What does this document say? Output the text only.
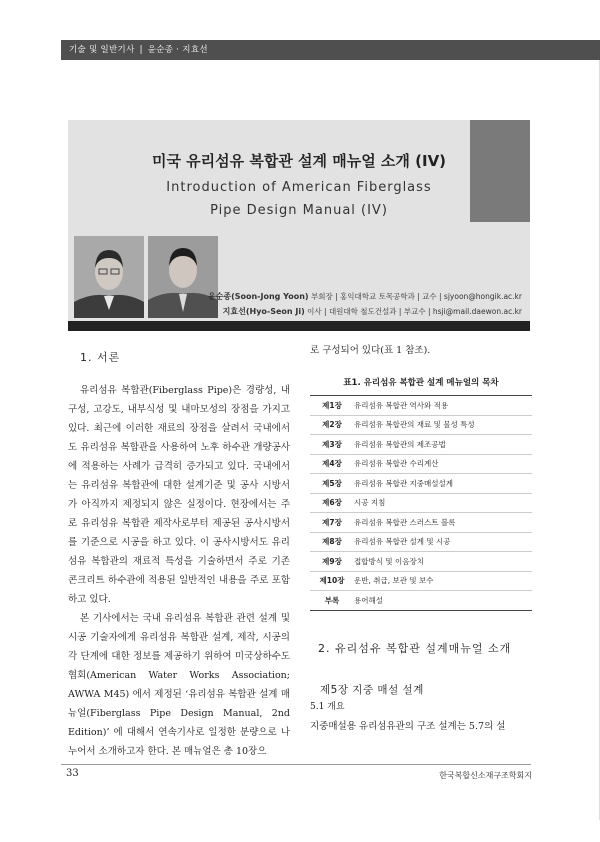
기술 및 일반기사 | 윤순종 · 지효선
미국 유리섬유 복합관 설계 매뉴얼 소개 (IV)
Introduction of American Fiberglass
Pipe Design Manual (IV)
윤순종(Soon-Jong Yoon) 부회장 | 홍익대학교 토목공학과 | 교수 | sjyoon@hongik.ac.kr
지효선(Hyo-Seon Ji) 이사 | 대원대학 철도건설과 | 부교수 | hsji@mail.daewon.ac.kr
1. 서론

유리섬유 복합관(Fiberglass Pipe)은 경량성, 내구성, 고강도, 내부식성 및 내마모성의 장점을 가지고 있다. 최근에 이러한 재료의 장점을 살려서 국내에서도 유리섬유 복합관을 사용하여 노후 하수관 개량공사에 적용하는 사례가 급격히 증가되고 있다. 국내에서는 유리섬유 복합관에 대한 설계기준 및 공사 시방서가 아직까지 제정되지 않은 실정이다. 현장에서는 주로 유리섬유 복합관 제작사로부터 제공된 공사시방서를 기준으로 시공을 하고 있다. 이 공사시방서도 유리섬유 복합관의 재료적 특성을 기술하면서 주로 기존 콘크리트 하수관에 적용된 일반적인 내용을 주로 포함하고 있다.

본 기사에서는 국내 유리섬유 복합관 관련 설계 및 시공 기술자에게 유리섬유 복합관 설계, 제작, 시공의 각 단계에 대한 정보를 제공하기 위하여 미국상하수도협회(American Water Works Association; AWWA M45) 에서 제정된 ‘유리섬유 복합관 설계 매뉴얼(Fiberglass Pipe Design Manual, 2nd Edition)’ 에 대해서 연속기사로 일정한 분량으로 나누어서 소개하고자 한다. 본 매뉴얼은 총 10장으

로 구성되어 있다(표 1 참조).
표1. 유리섬유 복합관 설계 메뉴얼의 목차
제1장	유리섬유 복합관 역사와 적용
제2장	유리섬유 복합관의 재료 및 물성 특성
제3장	유리섬유 복합관의 제조공법
제4장	유리섬유 복합관 수리계산
제5장	유리섬유 복합관 지중매설설계
제6장	시공 지침
제7장	유리섬유 복합관 스러스트 블록
제8장	유리섬유 복합관 설계 및 시공
제9장	접합방식 및 이음장치
제10장	운반, 취급, 보관 및 보수
부록	용어해설
2. 유리섬유 복합관 설계매뉴얼 소개
제5장 지중 매설 설계
5.1 개요
지중매설용 유리섬유관의 구조 설계는 5.7의 설
33	한국복합신소재구조학회지
